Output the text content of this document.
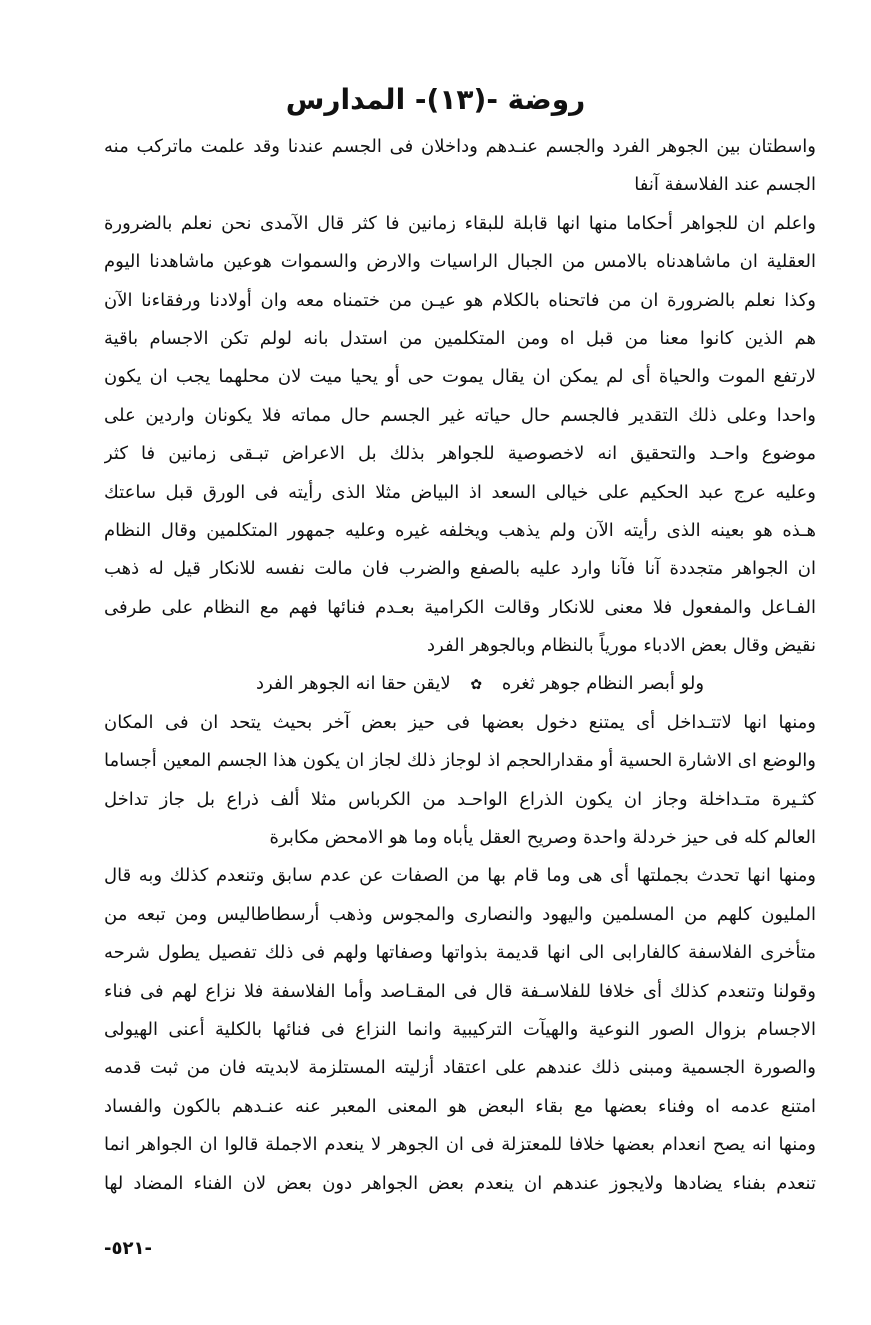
روضة -(١٣)- المدارس
واسطتان بين الجوهر الفرد والجسم عنـدهم وداخلان فى الجسم عندنا وقد علمت ماتركب منه
الجسم عند الفلاسفة آنفا
واعلم ان للجواهر أحكاما منها انها قابلة للبقاء زمانين فا كثر قال الآمدى نحن نعلم بالضرورة
العقلية ان ماشاهدناه بالامس من الجبال الراسيات والارض والسموات هوعين ماشاهدنا اليوم
وكذا نعلم بالضرورة ان من فاتحناه بالكلام هو عيـن من ختمناه معه وان أولادنا ورفقاءنا الآن
هم الذين كانوا معنا من قبل اه ومن المتكلمين من استدل بانه لولم تكن الاجسام باقية
لارتفع الموت والحياة أى لم يمكن ان يقال يموت حى أو يحيا ميت لان محلهما يجب ان يكون
واحدا وعلى ذلك التقدير فالجسم حال حياته غير الجسم حال مماته فلا يكونان واردين على
موضوع واحـد والتحقيق انه لاخصوصية للجواهر بذلك بل الاعراض تبـقى زمانين فا كثر
وعليه عرج عبد الحكيم على خيالى السعد اذ البياض مثلا الذى رأيته فى الورق قبل ساعتك
هـذه هو بعينه الذى رأيته الآن ولم يذهب ويخلفه غيره وعليه جمهور المتكلمين وقال النظام
ان الجواهر متجددة آنا فآنا وارد عليه بالصفع والضرب فان مالت نفسه للانكار قيل له ذهب
الفـاعل والمفعول فلا معنى للانكار وقالت الكرامية بعـدم فنائها فهم مع النظام على طرفى
نقيض وقال بعض الادباء مورياً بالنظام وبالجوهر الفرد
ولو أبصر النظام جوهر ثغره ✿ لايقن حقا انه الجوهر الفرد
ومنها انها لاتتـداخل أى يمتنع دخول بعضها فى حيز بعض آخر بحيث يتحد ان فى المكان
والوضع اى الاشارة الحسية أو مقدارالحجم اذ لوجاز ذلك لجاز ان يكون هذا الجسم المعين أجساما
كثـيرة متـداخلة وجاز ان يكون الذراع الواحـد من الكرباس مثلا ألف ذراع بل جاز تداخل
العالم كله فى حيز خردلة واحدة وصريح العقل يأباه وما هو الامحض مكابرة
ومنها انها تحدث بجملتها أى هى وما قام بها من الصفات عن عدم سابق وتنعدم كذلك وبه قال
المليون كلهم من المسلمين واليهود والنصارى والمجوس وذهب أرسطاطاليس ومن تبعه من
متأخرى الفلاسفة كالفارابى الى انها قديمة بذواتها وصفاتها ولهم فى ذلك تفصيل يطول شرحه
وقولنا وتنعدم كذلك أى خلافا للفلاسـفة قال فى المقـاصد وأما الفلاسفة فلا نزاع لهم فى فناء
الاجسام بزوال الصور النوعية والهيآت التركيبية وانما النزاع فى فنائها بالكلية أعنى الهيولى
والصورة الجسمية ومبنى ذلك عندهم على اعتقاد أزليته المستلزمة لابديته فان من ثبت قدمه
امتنع عدمه اه وفناء بعضها مع بقاء البعض هو المعنى المعبر عنه عنـدهم بالكون والفساد
ومنها انه يصح انعدام بعضها خلافا للمعتزلة فى ان الجوهر لا ينعدم الاجملة قالوا ان الجواهر انما
تنعدم بفناء يضادها ولايجوز عندهم ان ينعدم بعض الجواهر دون بعض لان الفناء المضاد لها
-٥٢١-
